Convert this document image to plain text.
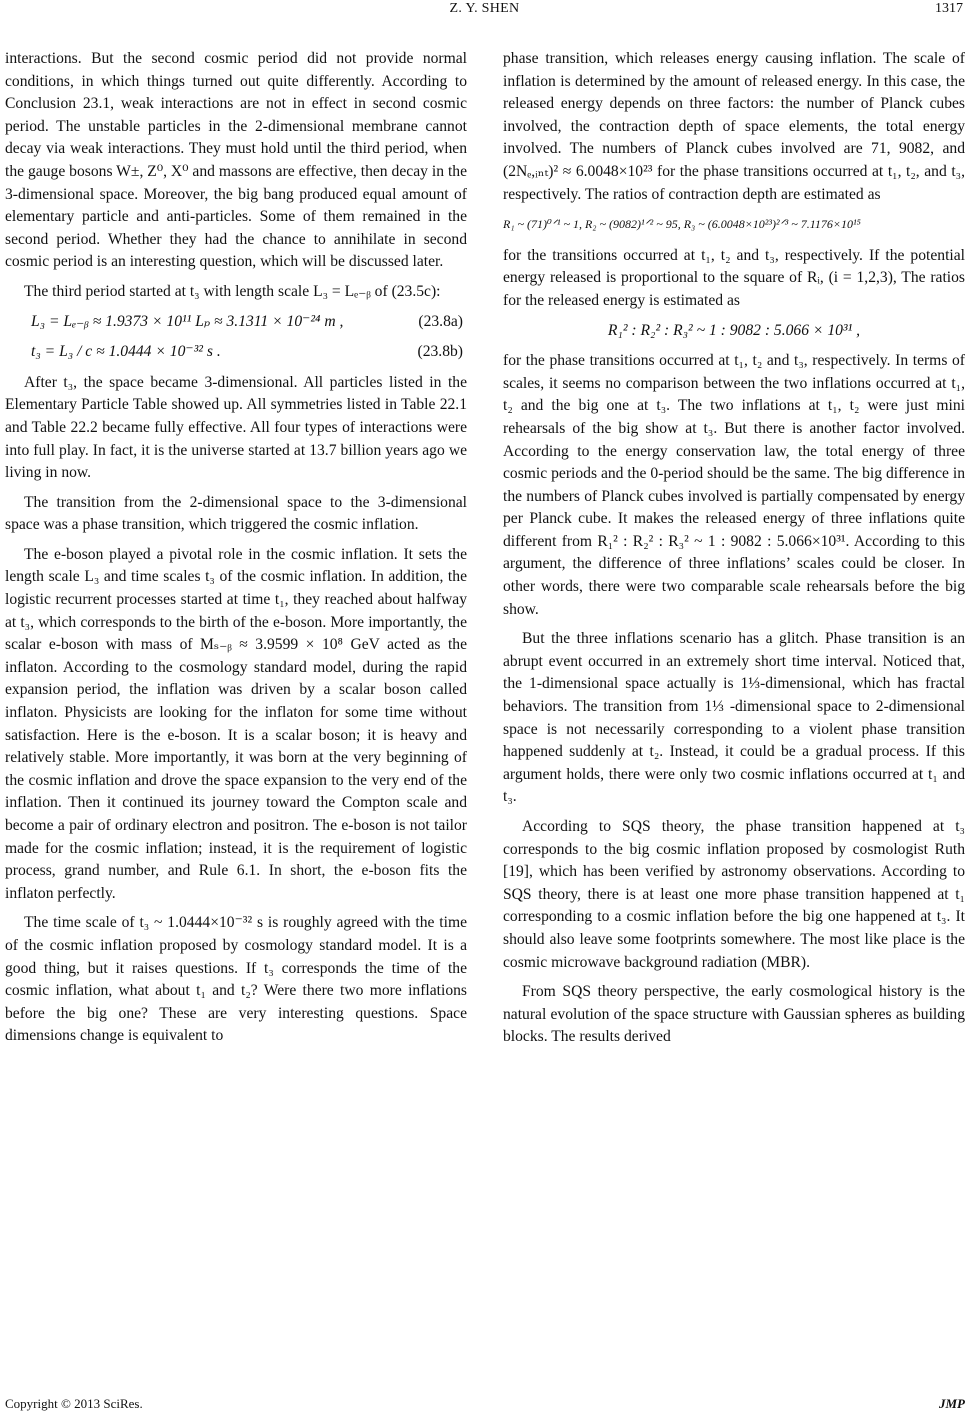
Z. Y. SHEN	1317

interactions. But the second cosmic period did not provide normal conditions, in which things turned out quite differently. According to Conclusion 23.1, weak interactions are not in effect in second cosmic period. The unstable particles in the 2-dimensional membrane cannot decay via weak interactions. They must hold until the third period, when the gauge bosons W±, Z⁰, X⁰ and massons are effective, then decay in the 3-dimensional space. Moreover, the big bang produced equal amount of elementary particle and anti-particles. Some of them remained in the second period. Whether they had the chance to annihilate in second cosmic period is an interesting question, which will be discussed later.

The third period started at t₃ with length scale L₃ = Lₑ₋ᵦ of (23.5c):

L₃ = Lₑ₋ᵦ ≈ 1.9373 × 10¹¹ Lₚ ≈ 3.1311 × 10⁻²⁴ m ,	(23.8a)
t₃ = L₃ / c ≈ 1.0444 × 10⁻³² s .	(23.8b)

After t₃, the space became 3-dimensional. All particles listed in the Elementary Particle Table showed up. All symmetries listed in Table 22.1 and Table 22.2 became fully effective. All four types of interactions were into full play. In fact, it is the universe started at 13.7 billion years ago we living in now.

The transition from the 2-dimensional space to the 3-dimensional space was a phase transition, which triggered the cosmic inflation.

The e-boson played a pivotal role in the cosmic inflation. It sets the length scale L₃ and time scales t₃ of the cosmic inflation. In addition, the logistic recurrent processes started at time t₁, they reached about halfway at t₃, which corresponds to the birth of the e-boson. More importantly, the scalar e-boson with mass of Mₛ₋ᵦ ≈ 3.9599 × 10⁸ GeV acted as the inflaton. According to the cosmology standard model, during the rapid expansion period, the inflation was driven by a scalar boson called inflaton. Physicists are looking for the inflaton for some time without satisfaction. Here is the e-boson. It is a scalar boson; it is heavy and relatively stable. More importantly, it was born at the very beginning of the cosmic inflation and drove the space expansion to the very end of the inflation. Then it continued its journey toward the Compton scale and become a pair of ordinary electron and positron. The e-boson is not tailor made for the cosmic inflation; instead, it is the requirement of logistic process, grand number, and Rule 6.1. In short, the e-boson fits the inflaton perfectly.

The time scale of t₃ ~ 1.0444×10⁻³² s is roughly agreed with the time of the cosmic inflation proposed by cosmology standard model. It is a good thing, but it raises questions. If t₃ corresponds the time of the cosmic inflation, what about t₁ and t₂? Were there two more inflations before the big one? These are very interesting questions. Space dimensions change is equivalent to

phase transition, which releases energy causing inflation. The scale of inflation is determined by the amount of released energy. In this case, the released energy depends on three factors: the number of Planck cubes involved, the contraction depth of space elements, the total energy involved. The numbers of Planck cubes involved are 71, 9082, and (2Nₑ,ᵢₙₜ)² ≈ 6.0048×10²³ for the phase transitions occurred at t₁, t₂, and t₃, respectively. The ratios of contraction depth are estimated as

R₁ ~ (71)⁰ᐟ¹ ~ 1, R₂ ~ (9082)¹ᐟ² ~ 95, R₃ ~ (6.0048×10²³)²ᐟ³ ~ 7.1176×10¹⁵

for the transitions occurred at t₁, t₂ and t₃, respectively. If the potential energy released is proportional to the square of Rᵢ, (i = 1,2,3), The ratios for the released energy is estimated as

R₁² : R₂² : R₃² ~ 1 : 9082 : 5.066 × 10³¹ ,

for the phase transitions occurred at t₁, t₂ and t₃, respectively. In terms of scales, it seems no comparison between the two inflations occurred at t₁, t₂ and the big one at t₃. The two inflations at t₁, t₂ were just mini rehearsals of the big show at t₃. But there is another factor involved. According to the energy conservation law, the total energy of three cosmic periods and the 0-period should be the same. The big difference in the numbers of Planck cubes involved is partially compensated by energy per Planck cube. It makes the released energy of three inflations quite different from R₁² : R₂² : R₃² ~ 1 : 9082 : 5.066×10³¹. According to this argument, the difference of three inflations’ scales could be closer. In other words, there were two comparable scale rehearsals before the big show.

But the three inflations scenario has a glitch. Phase transition is an abrupt event occurred in an extremely short time interval. Noticed that, the 1-dimensional space actually is 1⅓-dimensional, which has fractal behaviors. The transition from 1⅓ -dimensional space to 2-dimensional space is not necessarily corresponding to a violent phase transition happened suddenly at t₂. Instead, it could be a gradual process. If this argument holds, there were only two cosmic inflations occurred at t₁ and t₃.

According to SQS theory, the phase transition happened at t₃ corresponds to the big cosmic inflation proposed by cosmologist Ruth [19], which has been verified by astronomy observations. According to SQS theory, there is at least one more phase transition happened at t₁ corresponding to a cosmic inflation before the big one happened at t₃. It should also leave some footprints somewhere. The most like place is the cosmic microwave background radiation (MBR).

From SQS theory perspective, the early cosmological history is the natural evolution of the space structure with Gaussian spheres as building blocks. The results derived

Copyright © 2013 SciRes.	JMP
